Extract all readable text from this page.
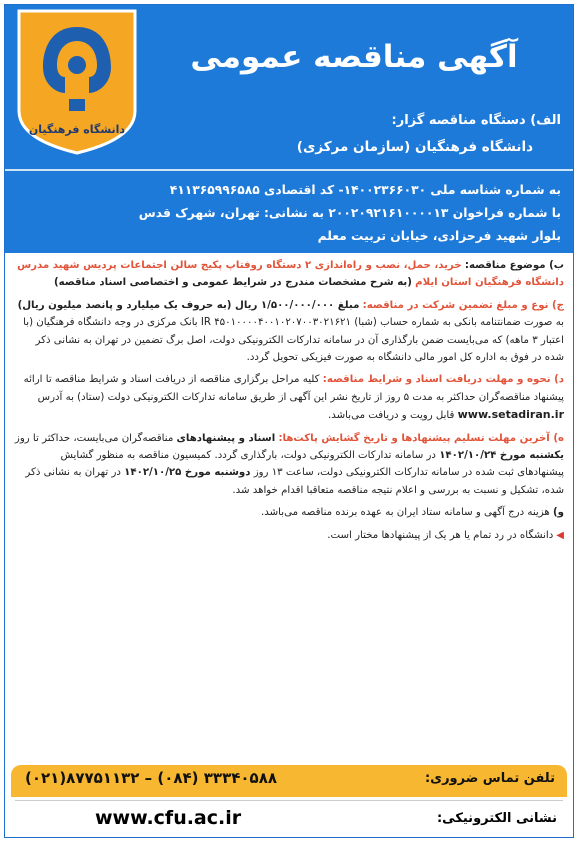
دانشگاه فرهنگیان
آگهی مناقصه عمومی
الف) دستگاه مناقصه گزار:
دانشگاه فرهنگیان (سازمان مرکزی)
به شماره شناسه ملی ۱۴۰۰۲۳۶۶۰۳۰- کد اقتصادی ۴۱۱۳۶۵۹۹۶۵۸۵
با شماره فراخوان ۲۰۰۲۰۹۲۱۶۱۰۰۰۰۱۳ به نشانی: تهران، شهرک قدس
بلوار شهید فرحزادی، خیابان تربیت معلم
ب) موضوع مناقصه: خرید، حمل، نصب و راه‌اندازی ۲ دستگاه روفتاپ پکیج سالن اجتماعات پردیس شهید مدرس دانشگاه فرهنگیان استان ایلام (به شرح مشخصات مندرج در شرایط عمومی و اختصاصی اسناد مناقصه)
ج) نوع و مبلغ تضمین شرکت در مناقصه: مبلغ ۱/۵۰۰/۰۰۰/۰۰۰ ریال (به حروف یک میلیارد و پانصد میلیون ریال) به صورت ضمانتنامه بانکی به شماره حساب (شبا) IR ۴۵۰۱۰۰۰۰۴۰۰۱۰۲۰۷۰۰۳۰۲۱۶۲۱ بانک مرکزی در وجه دانشگاه فرهنگیان (با اعتبار ۳ ماهه) که می‌بایست ضمن بارگذاری آن در سامانه تدارکات الکترونیکی دولت، اصل برگ تضمین در تهران به نشانی ذکر شده در فوق به اداره کل امور مالی دانشگاه به صورت فیزیکی تحویل گردد.
د) نحوه و مهلت دریافت اسناد و شرایط مناقصه: کلیه مراحل برگزاری مناقصه از دریافت اسناد و شرایط مناقصه تا ارائه پیشنهاد مناقصه‌گران حداکثر به مدت ۵ روز از تاریخ نشر این آگهی از طریق سامانه تدارکات الکترونیکی دولت (ستاد) به آدرس www.setadiran.ir قابل رویت و دریافت می‌باشد.
ه) آخرین مهلت تسلیم پیشنهادها و تاریخ گشایش پاکت‌ها: اسناد و پیشنهادهای مناقصه‌گران می‌بایست، حداکثر تا روز یکشنبه مورخ ۱۴۰۲/۱۰/۲۴ در سامانه تدارکات الکترونیکی دولت، بارگذاری گردد. کمیسیون مناقصه به منظور گشایش پیشنهادهای ثبت شده در سامانه تدارکات الکترونیکی دولت، ساعت ۱۳ روز دوشنبه مورخ ۱۴۰۲/۱۰/۲۵ در تهران به نشانی ذکر شده، تشکیل و نسبت به بررسی و اعلام نتیجه مناقصه متعاقبا اقدام خواهد شد.
و) هزینه درج آگهی و سامانه ستاد ایران به عهده برنده مناقصه می‌باشد.
◀دانشگاه در رد تمام یا هر یک از پیشنهادها مختار است.
تلفن تماس ضروری:
(۰۲۱)۸۷۷۵۱۱۳۲ – (۰۸۴) ۳۳۳۴۰۵۸۸
نشانی الکترونیکی:
www.cfu.ac.ir
